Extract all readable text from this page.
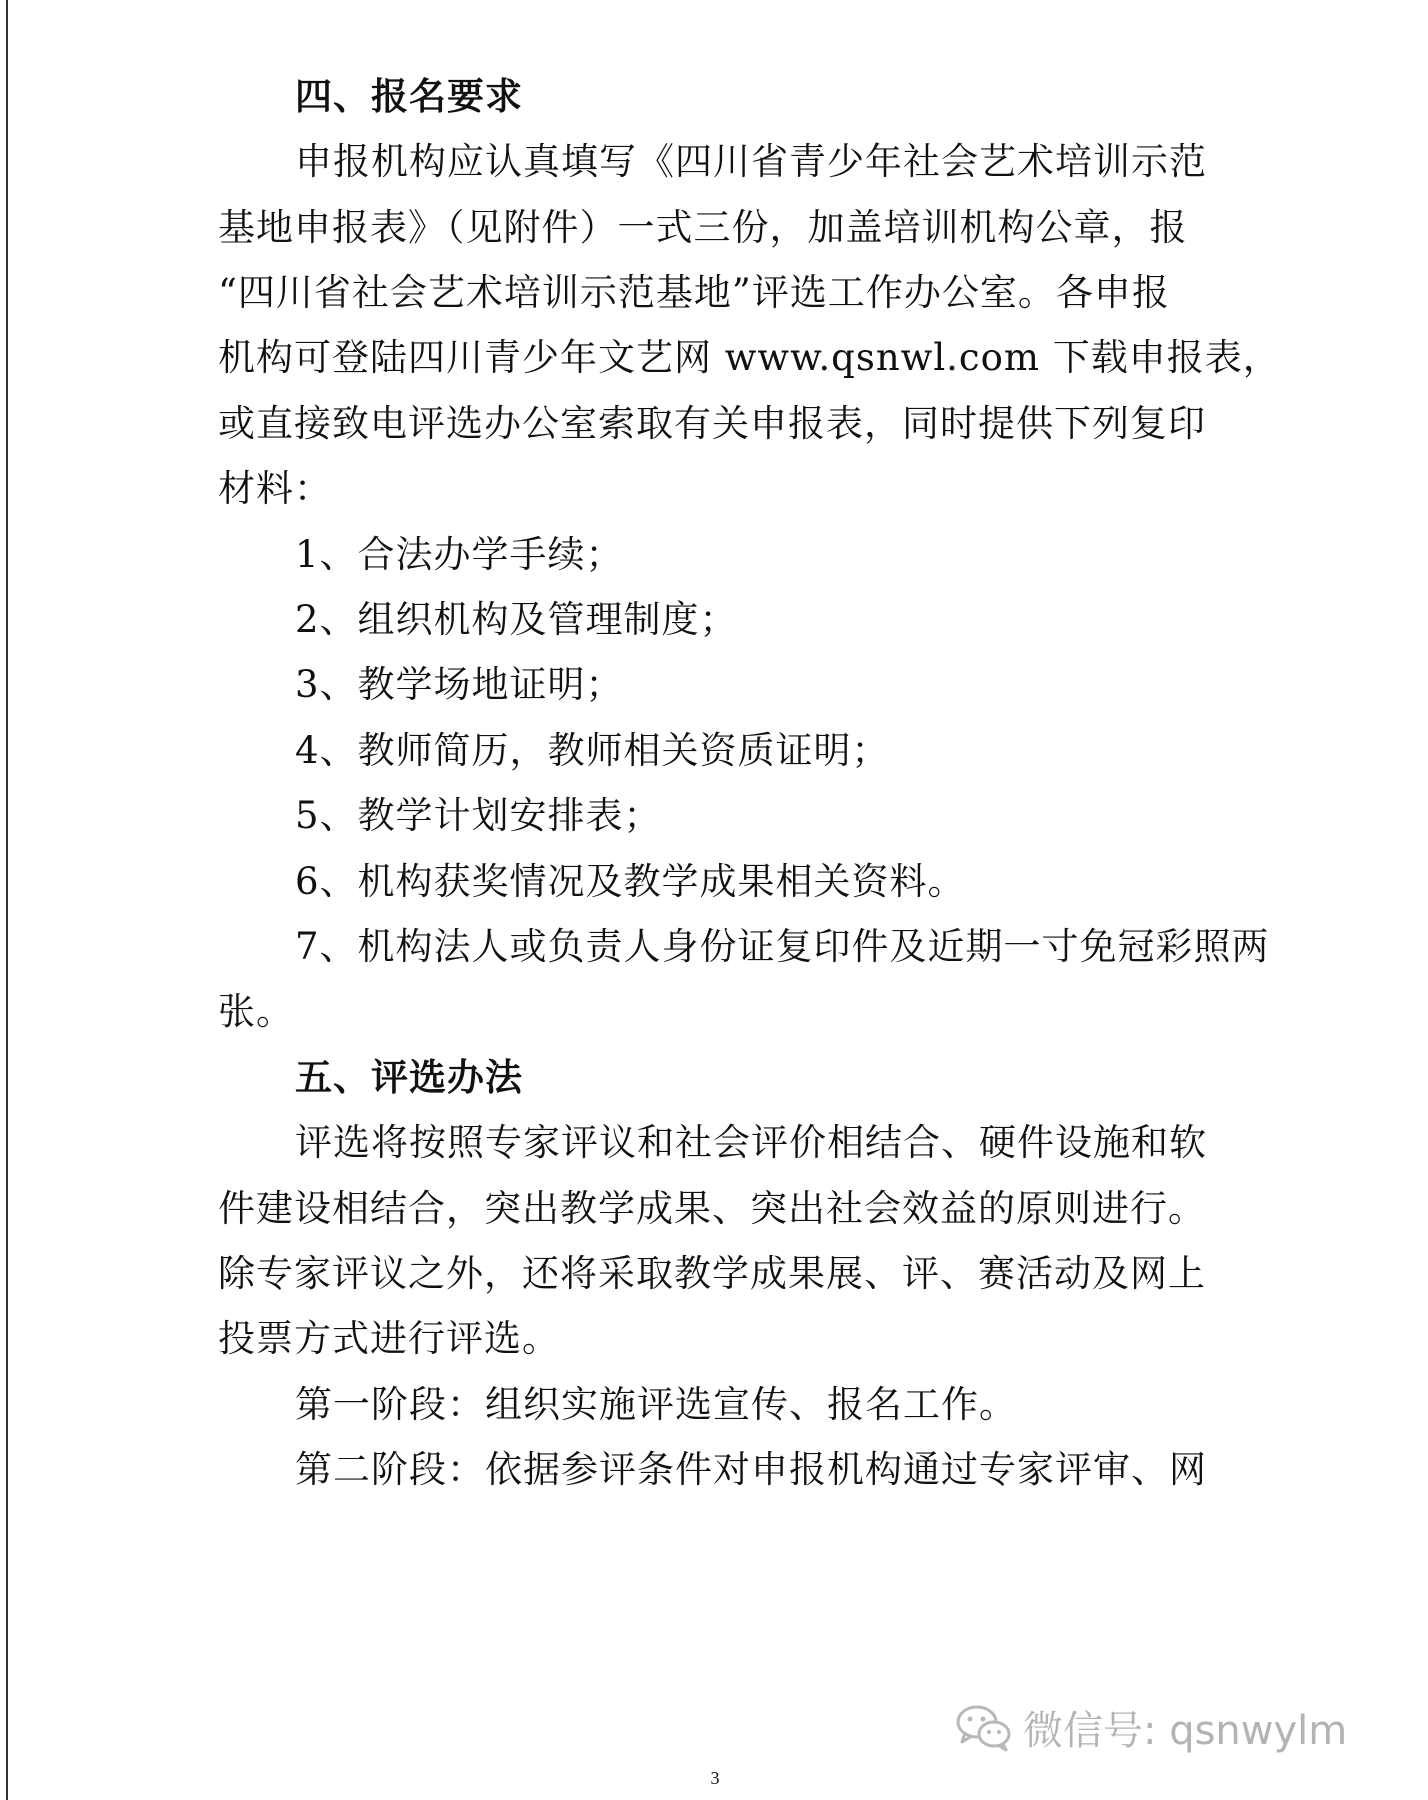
四、报名要求
申报机构应认真填写《四川省青少年社会艺术培训示范
基地申报表》（见附件）一式三份，加盖培训机构公章，报
“四川省社会艺术培训示范基地”评选工作办公室。各申报
机构可登陆四川青少年文艺网 www.qsnwl.com 下载申报表，
或直接致电评选办公室索取有关申报表，同时提供下列复印
材料：
1、合法办学手续；
2、组织机构及管理制度；
3、教学场地证明；
4、教师简历，教师相关资质证明；
5、教学计划安排表；
6、机构获奖情况及教学成果相关资料。
7、机构法人或负责人身份证复印件及近期一寸免冠彩照两
张。
五、评选办法
评选将按照专家评议和社会评价相结合、硬件设施和软
件建设相结合，突出教学成果、突出社会效益的原则进行。
除专家评议之外，还将采取教学成果展、评、赛活动及网上
投票方式进行评选。
第一阶段：组织实施评选宣传、报名工作。
第二阶段：依据参评条件对申报机构通过专家评审、网
3
微信号: qsnwylm
